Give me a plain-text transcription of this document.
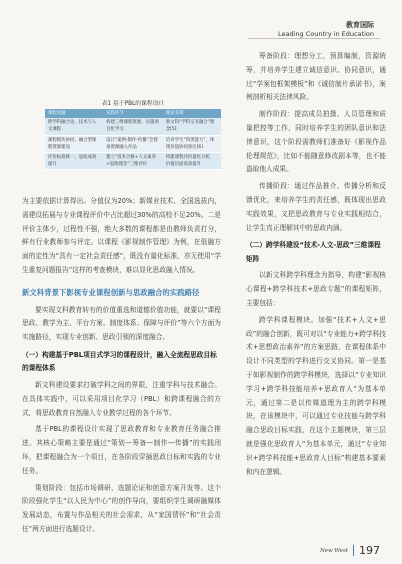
教育国际
Leading Country in Education
表1 基于PBL的课程设计
课程问题	实践环节	理论支撑
跨学科融合论，技术与人文课程	构建三维课程资源，实施项目化学习	新文科“学科交叉融合”理念[5]
课程模块协同，融合型课程资源建设	设计“案例-制作-传播”全链条资源融入作品	培养学生“四类能力”，体现价值协同效应[6]
评价标准统一，思政成效提升	建立“技术合格+人文素养+思政理念”三维评价	构建课程评价量化分析，价值层面高效提升

为主要依据计算得出。分值仅为20%；新媒业技术、全国选拔内，需建设拓展与专业课程评价中占比超过30%的高校不足20%。二是评价主体少，过程性不强，绝大多数的课程都是由教师负责打分，鲜有行业教师参与评定。以课程《影视制作管理》为例，在低融方面的定性为“具有一定社会责任感”，既没有量化标准，亦无使用“学生重复问题报告”这样的考查模块，难以显化思政融入情况。

新文科背景下影视专业课程创新与思政融合的实践路径

要实现文科教育转有的价值重选和道德价值功能，就要以“课程思政、教学为主、平台方案、制度体系、保障与评价”等六个方面为实施路径，实现专业创新、思政引领的深度融合。

（一）构建基于PBL项目式学习的课程设计，融入全流程思政目标的课程体系

新文科建设要求打破学科之间的界限，注重学科与技术融合。在具体实践中，可以采用项目化学习（PBL）和跨课程融合的方式，将思政教育自然融入专业教学过程的各个环节。

基于PBL的课程设计实现了思政教育和专业教育任务融合推进。其核心策略主要是通过“策划—筹备—制作—传播”的实践闭环，把课程融合为一个项目，在各阶段穿插思政目标和实践的专业任务。

策划阶段：包括市场调研、选题论证和创意方案开发等。这个阶段强化学生“以人民为中心”的创作导向，要组织学生调研融媒体发展动态，布置与作品相关的社会需求，从“家国情怀”和“社会责任”两方面进行选题设计。

筹备阶段：理想分工，预算编制，资源统筹，并培养学生建立诚信意识、协同意识，通过“学案包框架模板”和《诚信制片承诺书》，案例剖析相关法律风险。

制作阶段：提高成员拍摄、人员管理和质量把控等工作，同时培养学生的团队意识和法律意识，这个阶段需教师们准备好《影视作品伦理规范》，比如不能随意修改剧本等，也不能盗取他人成果。

传播阶段：通过作品推介、传播分析和反馈优化，来培养学生的责任感，既体现出思政实践效果，又把思政教育与专业实践相结合，让学生真正理解其中的思政内涵。

（二）跨学科建设“技术-人文-思政”三维课程矩阵

以新文科跨学科理念为指导，构建“影视核心课程+跨学科技术+思政专题”的课程矩阵，主要包括：

跨学科课程模块。加强“技术+人文+思政”的融合创新，既可对以“专业能力+跨学科技术+思想政治素养”的方案思路，在课程体系中设计不同类型的学科进行交叉协同。第一是基于如影视制作的跨学科模块，选择以“专业知识学习+跨学科技能培养+思政育人”为基本单元，通过第二是以传媒道理为主的跨学科模块，在该模块中，可以通过专业技能与跨学科融合思政目标实践，在这个主题模块，第三层就是强化思政育人”为基本单元，通过“专业知识+跨学科技能+思政育人目标”构建基本要素和内在逻辑。

New West 197
